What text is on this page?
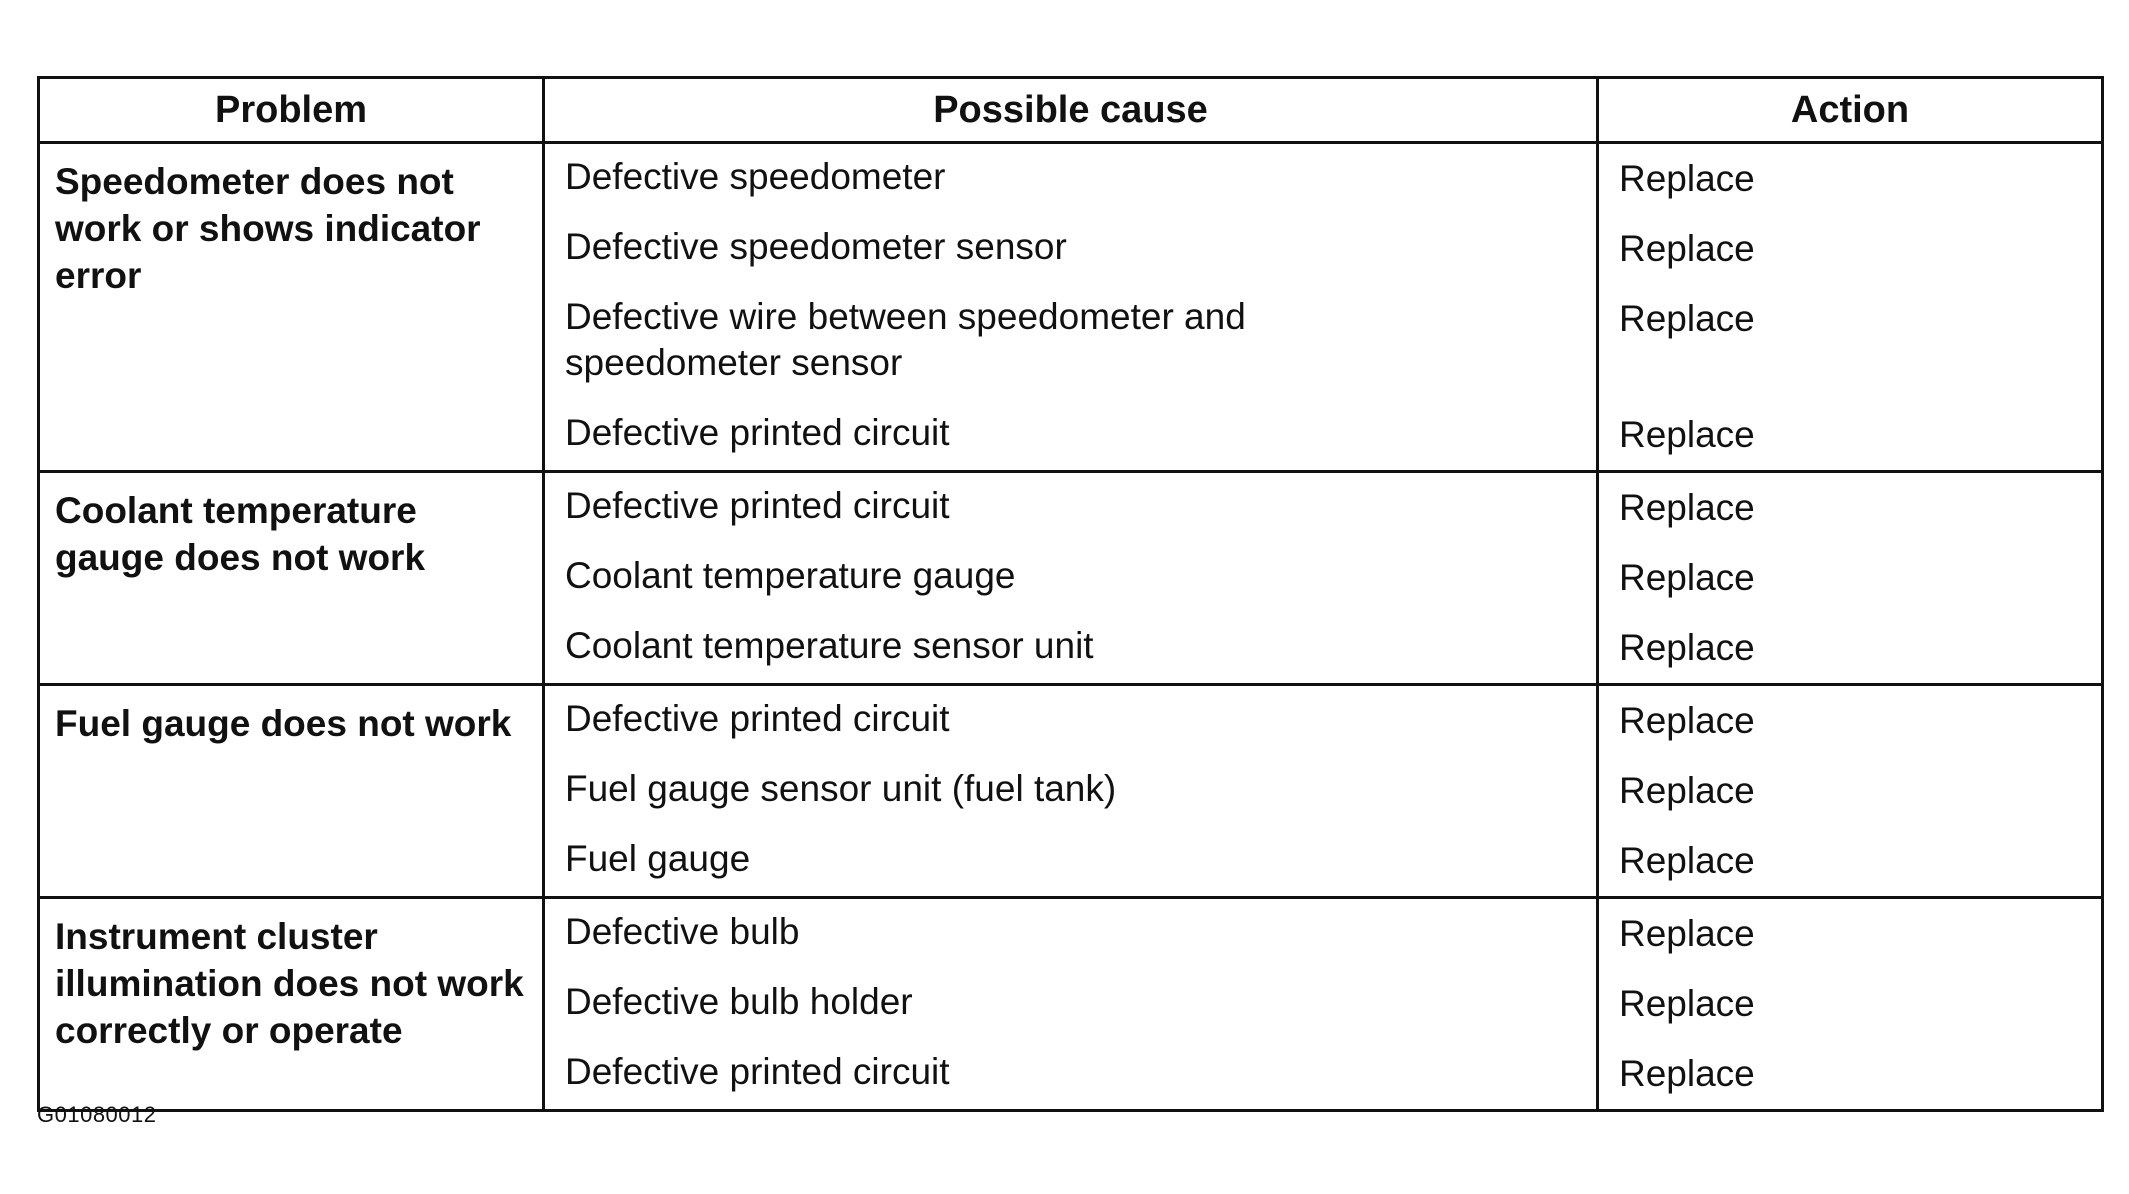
Problem	Possible cause	Action
Speedometer does not work or shows indicator error	Defective speedometer	Replace
	Defective speedometer sensor	Replace
	Defective wire between speedometer and speedometer sensor	Replace
	Defective printed circuit	Replace
Coolant temperature gauge does not work	Defective printed circuit	Replace
	Coolant temperature gauge	Replace
	Coolant temperature sensor unit	Replace
Fuel gauge does not work	Defective printed circuit	Replace
	Fuel gauge sensor unit (fuel tank)	Replace
	Fuel gauge	Replace
Instrument cluster illumination does not work correctly or operate	Defective bulb	Replace
	Defective bulb holder	Replace
	Defective printed circuit	Replace
G01080012
